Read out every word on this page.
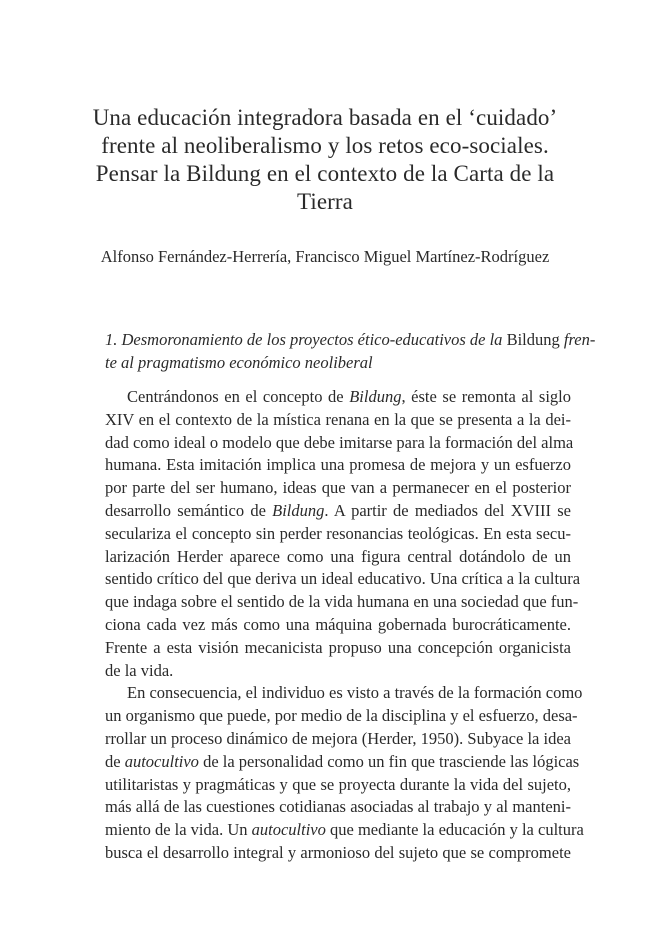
Una educación integradora basada en el ‘cuidado’
frente al neoliberalismo y los retos eco-sociales.
Pensar la Bildung en el contexto de la Carta de la
Tierra
Alfonso Fernández-Herrería, Francisco Miguel Martínez-Rodríguez
1. Desmoronamiento de los proyectos ético-educativos de la Bildung fren-
te al pragmatismo económico neoliberal
Centrándonos en el concepto de Bildung, éste se remonta al siglo
XIV en el contexto de la mística renana en la que se presenta a la dei-
dad como ideal o modelo que debe imitarse para la formación del alma
humana. Esta imitación implica una promesa de mejora y un esfuerzo
por parte del ser humano, ideas que van a permanecer en el posterior
desarrollo semántico de Bildung. A partir de mediados del XVIII se
seculariza el concepto sin perder resonancias teológicas. En esta secu-
larización Herder aparece como una figura central dotándolo de un
sentido crítico del que deriva un ideal educativo. Una crítica a la cultura
que indaga sobre el sentido de la vida humana en una sociedad que fun-
ciona cada vez más como una máquina gobernada burocráticamente.
Frente a esta visión mecanicista propuso una concepción organicista
de la vida.
En consecuencia, el individuo es visto a través de la formación como
un organismo que puede, por medio de la disciplina y el esfuerzo, desa-
rrollar un proceso dinámico de mejora (Herder, 1950). Subyace la idea
de autocultivo de la personalidad como un fin que trasciende las lógicas
utilitaristas y pragmáticas y que se proyecta durante la vida del sujeto,
más allá de las cuestiones cotidianas asociadas al trabajo y al manteni-
miento de la vida. Un autocultivo que mediante la educación y la cultura
busca el desarrollo integral y armonioso del sujeto que se compromete
